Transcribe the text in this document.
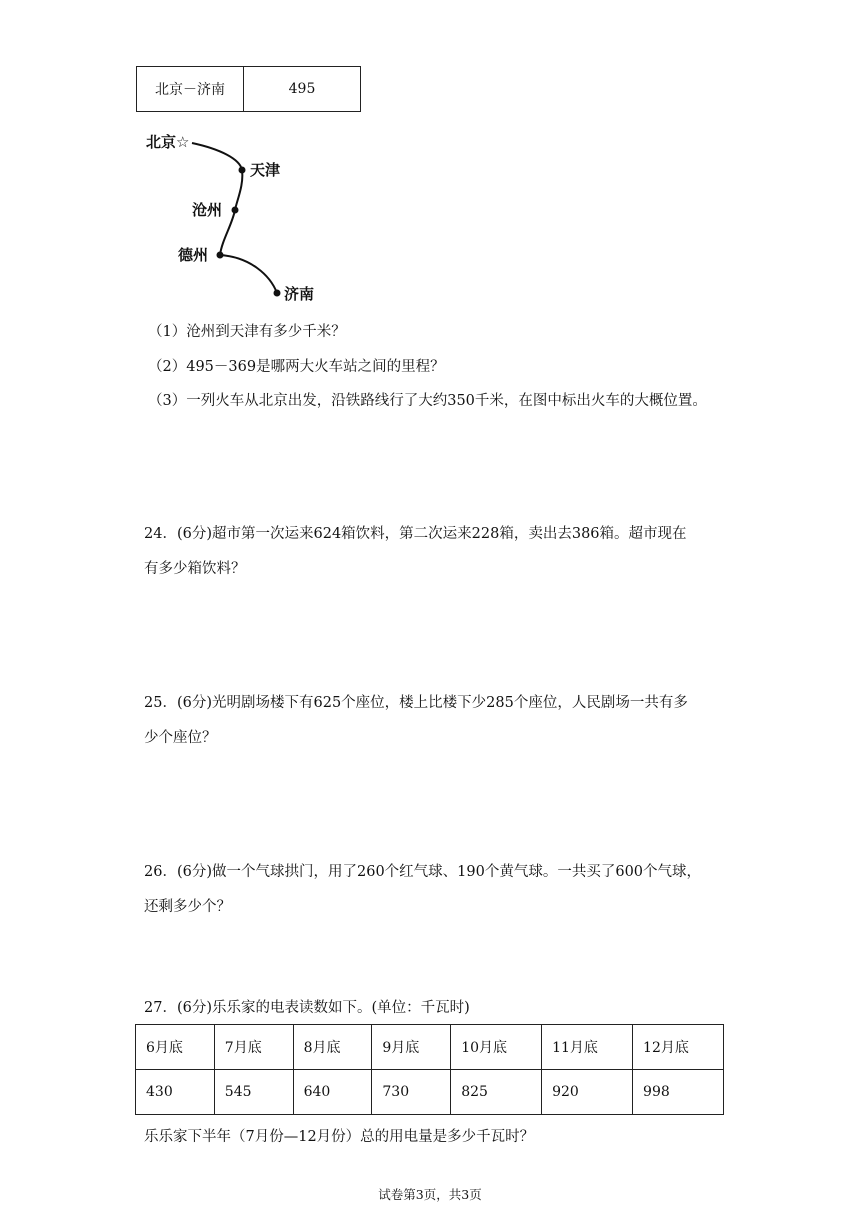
北京－济南	495
北京☆
天津
沧州
德州
济南
（1）沧州到天津有多少千米？
（2）495－369是哪两大火车站之间的里程？
（3）一列火车从北京出发，沿铁路线行了大约350千米，在图中标出火车的大概位置。
24．(6分)超市第一次运来624箱饮料，第二次运来228箱，卖出去386箱。超市现在
有多少箱饮料？
25．(6分)光明剧场楼下有625个座位，楼上比楼下少285个座位，人民剧场一共有多
少个座位？
26．(6分)做一个气球拱门，用了260个红气球、190个黄气球。一共买了600个气球，
还剩多少个？
27．(6分)乐乐家的电表读数如下。(单位：千瓦时)
6月底	7月底	8月底	9月底	10月底	11月底	12月底
430	545	640	730	825	920	998
乐乐家下半年（7月份—12月份）总的用电量是多少千瓦时？
试卷第3页，共3页
